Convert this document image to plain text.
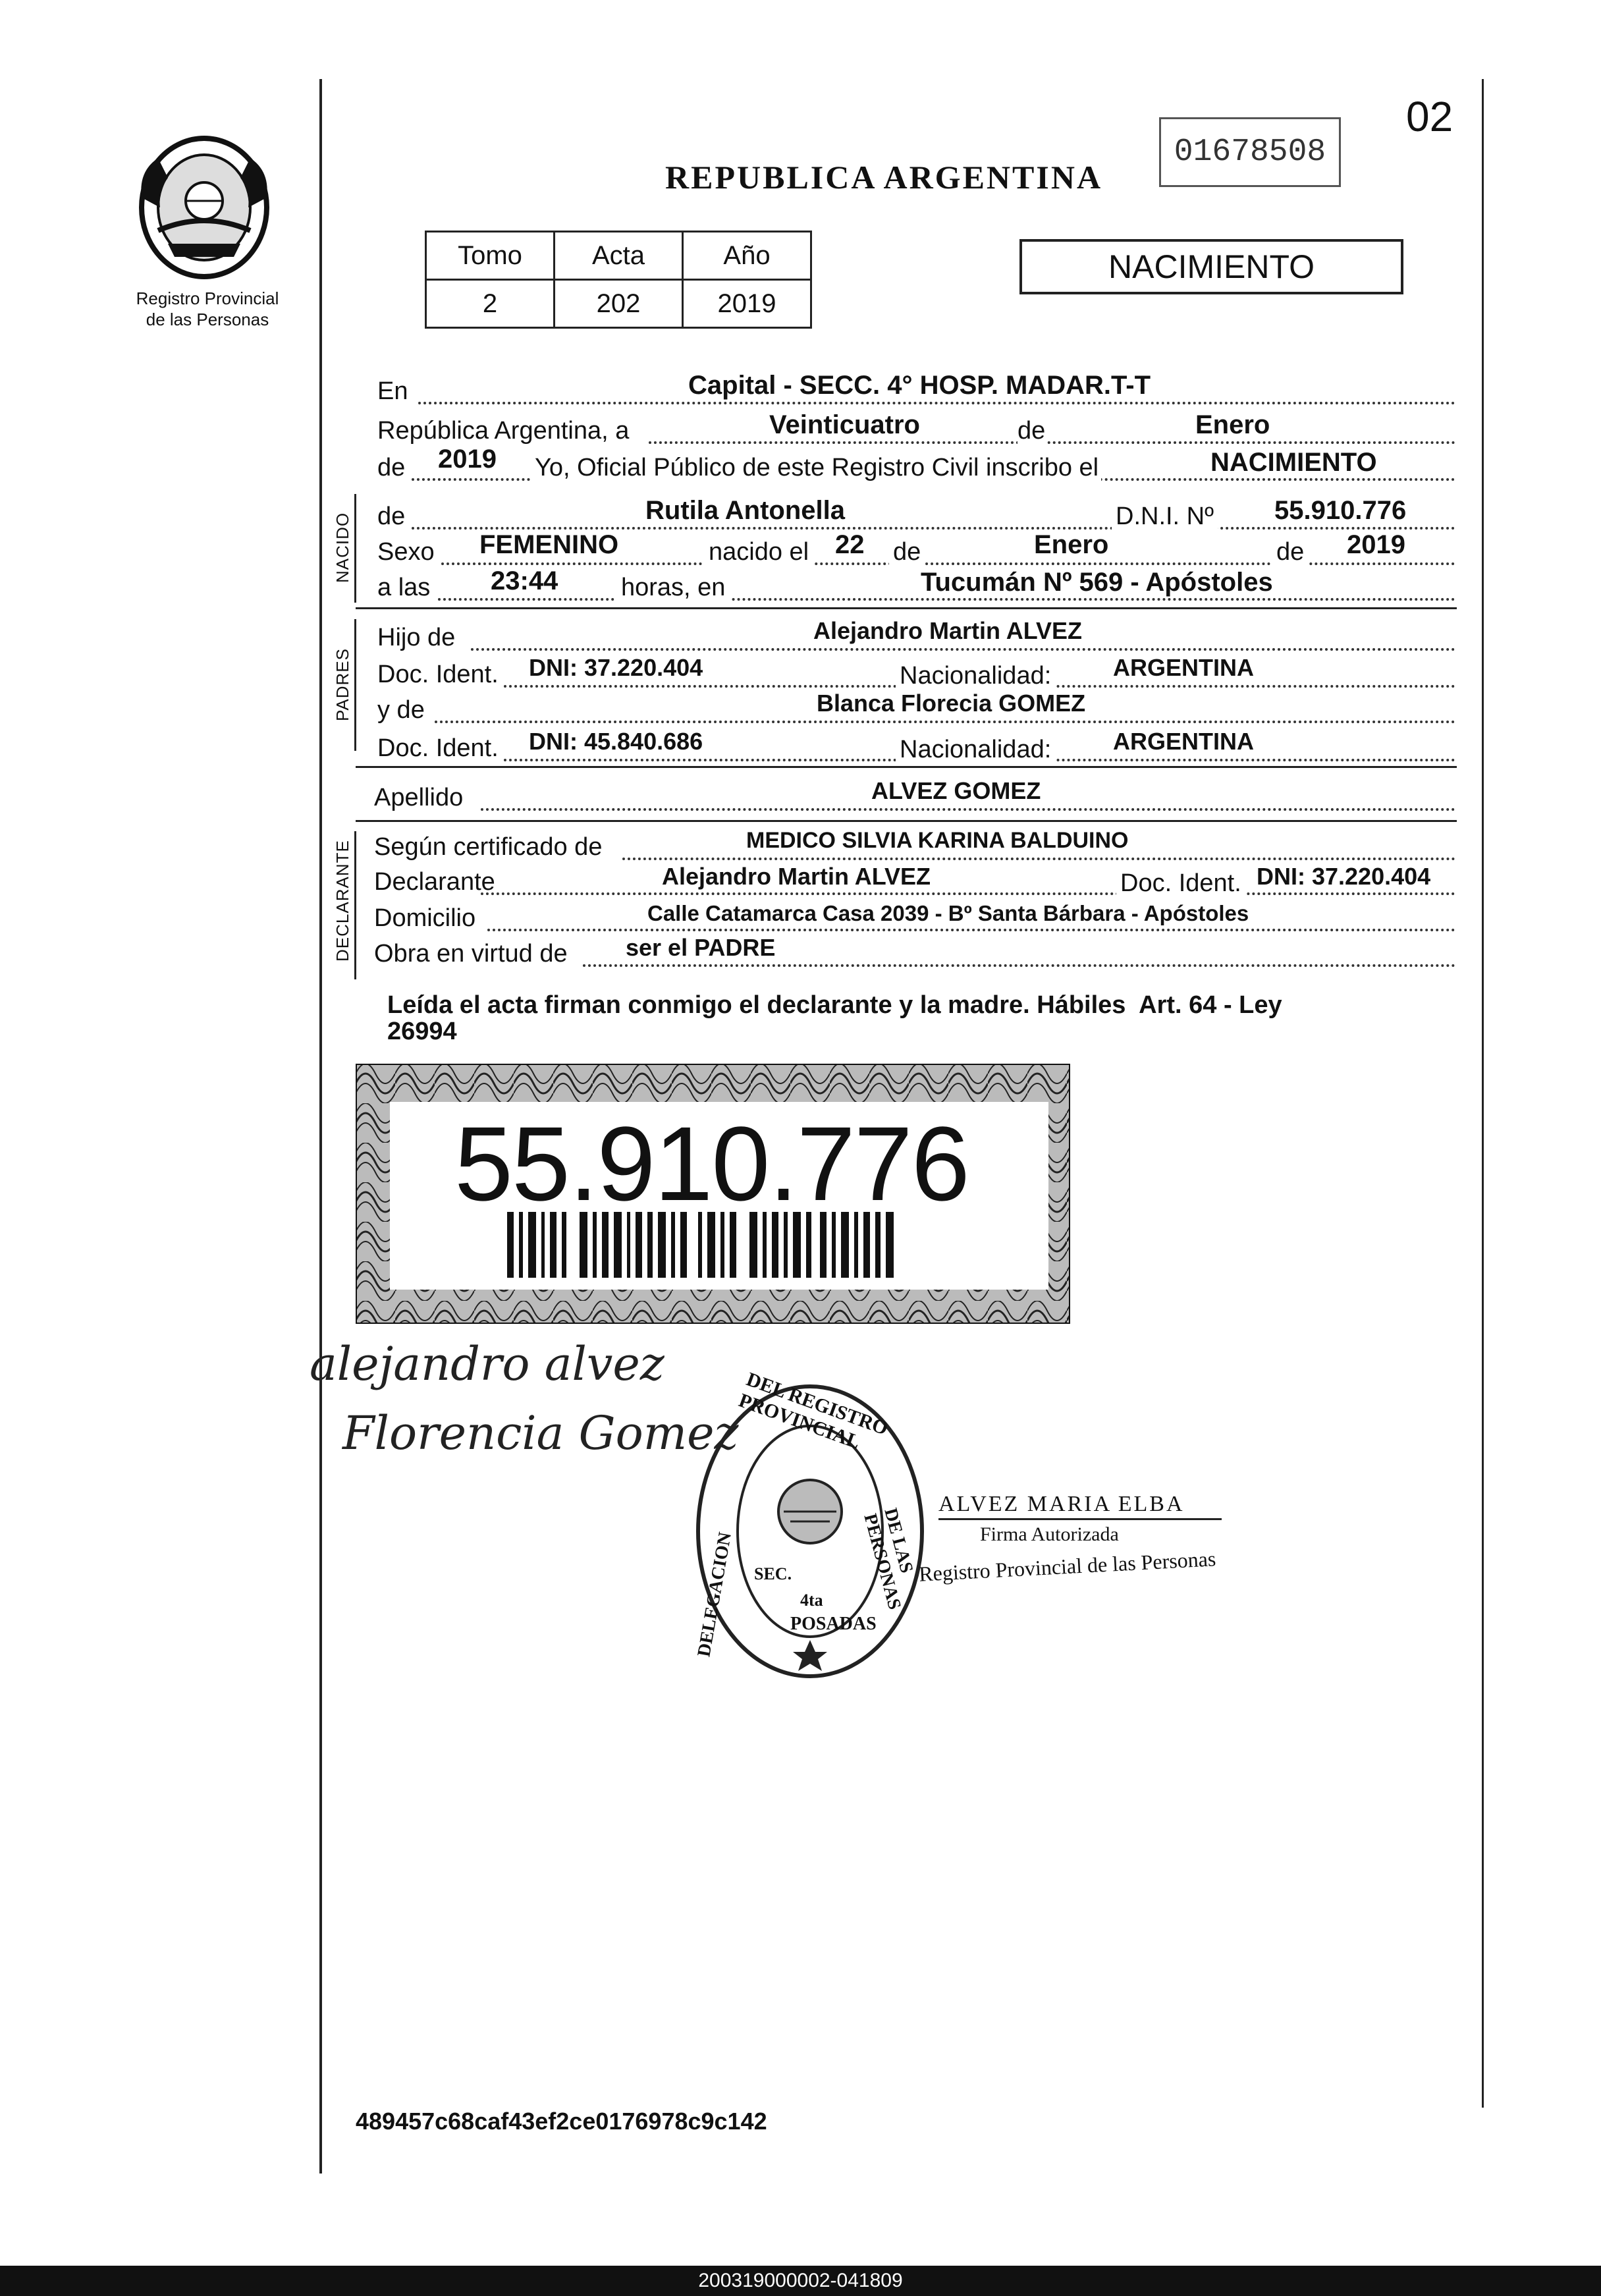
Registro Provincial
de las Personas
REPUBLICA ARGENTINA
01678508
02
NACIMIENTO
Tomo	Acta	Año
2	202	2019
En	Capital - SECC. 4° HOSP. MADAR.T-T
República Argentina, a	Veinticuatro	de	Enero
de 2019 Yo, Oficial Público de este Registro Civil inscribo el	NACIMIENTO
NACIDO de	Rutila Antonella	D.N.I. Nº 55.910.776
Sexo FEMENINO	nacido el 22 de	Enero	de 2019
a las 23:44	horas, en	Tucumán Nº 569 - Apóstoles
PADRES
Hijo de	Alejandro Martin ALVEZ
Doc. Ident. DNI: 37.220.404	Nacionalidad:	ARGENTINA
y de	Blanca Florecia GOMEZ
Doc. Ident. DNI: 45.840.686	Nacionalidad:	ARGENTINA
Apellido	ALVEZ GOMEZ
DECLARANTE Según certificado de	MEDICO SILVIA KARINA BALDUINO
Declarante	Alejandro Martin ALVEZ	Doc. Ident. DNI: 37.220.404
Domicilio	Calle Catamarca Casa 2039 - Bº Santa Bárbara - Apóstoles
Obra en virtud de ser el PADRE
Leída el acta firman conmigo el declarante y la madre. Hábiles  Art. 64 - Ley
26994
55.910.776
alejandro alvez
Florencia Gomez DEL REGISTRO PROVINCIAL
DELEGACION	DE LAS PERSONAS
SEC.
4ta
POSADAS
ALVEZ MARIA ELBA
Firma Autorizada
Registro Provincial de las Personas
489457c68caf43ef2ce0176978c9c142
200319000002-041809
